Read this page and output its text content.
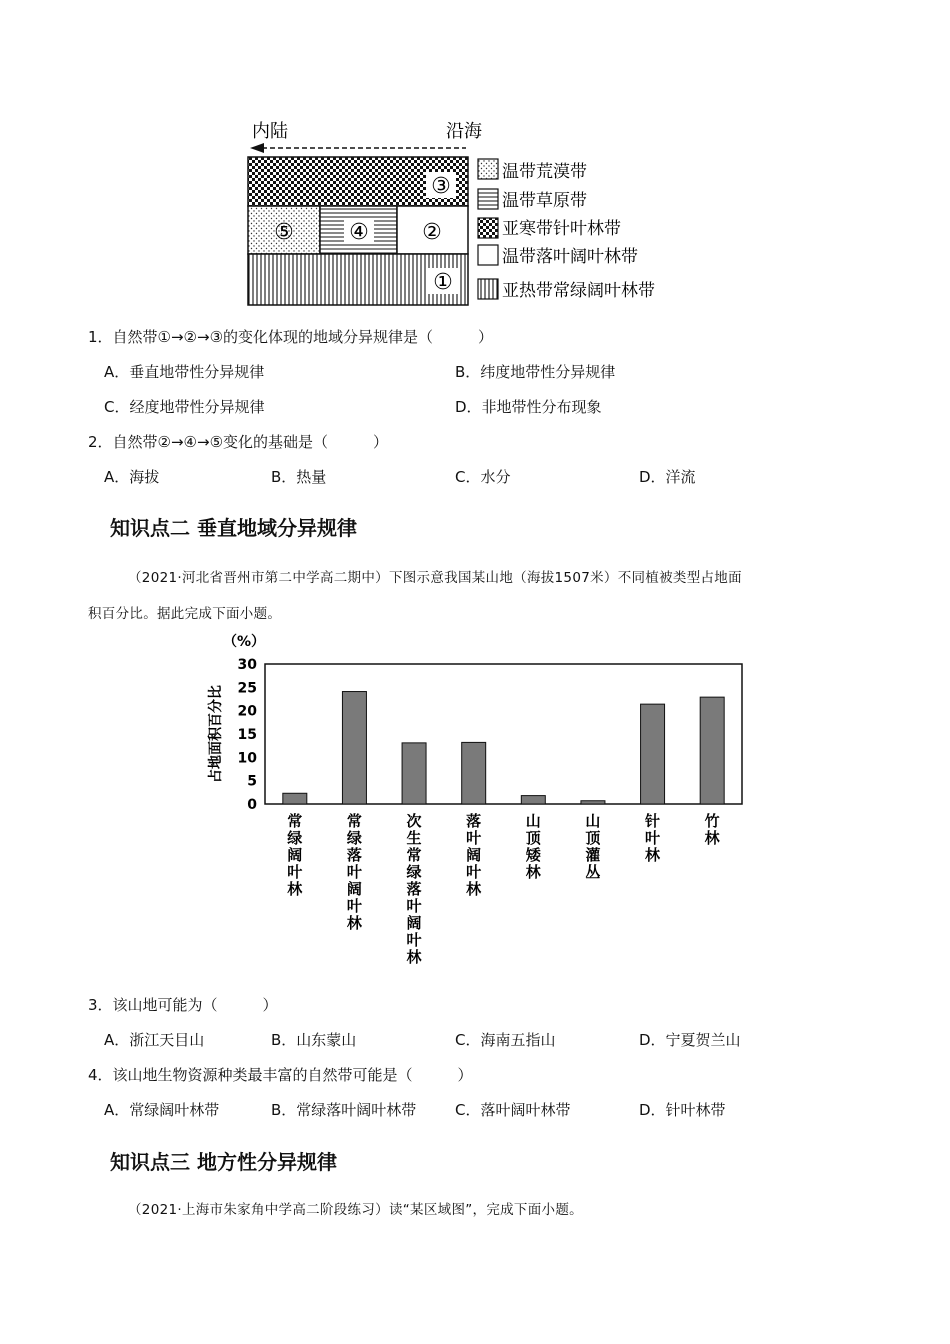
内陆	沿海
③
⑤	④ ②
①
温带荒漠带
温带草原带
亚寒带针叶林带
温带落叶阔叶林带
亚热带常绿阔叶林带
1．自然带①→②→③的变化体现的地域分异规律是（　　　）
A．垂直地带性分异规律	B．纬度地带性分异规律
C．经度地带性分异规律	D．非地带性分布现象
2．自然带②→④→⑤变化的基础是（　　　）
A．海拔	B．热量	C．水分	D．洋流
知识点二 垂直地域分异规律
（2021·河北省晋州市第二中学高二期中）下图示意我国某山地（海拔1507米）不同植被类型占地面
积百分比。据此完成下面小题。
（%）
占地面积百分比
30
25
20
15
10
5
0
常绿阔叶林
常绿落叶阔叶林
次生常绿落叶阔叶林
落叶阔叶林
山顶矮林
山顶灌丛
针叶林
竹林
3．该山地可能为（　　　）
A．浙江天目山	B．山东蒙山	C．海南五指山	D．宁夏贺兰山
4．该山地生物资源种类最丰富的自然带可能是（　　　）
A．常绿阔叶林带	B．常绿落叶阔叶林带	C．落叶阔叶林带	D．针叶林带
知识点三 地方性分异规律
（2021·上海市朱家角中学高二阶段练习）读“某区域图”，完成下面小题。
